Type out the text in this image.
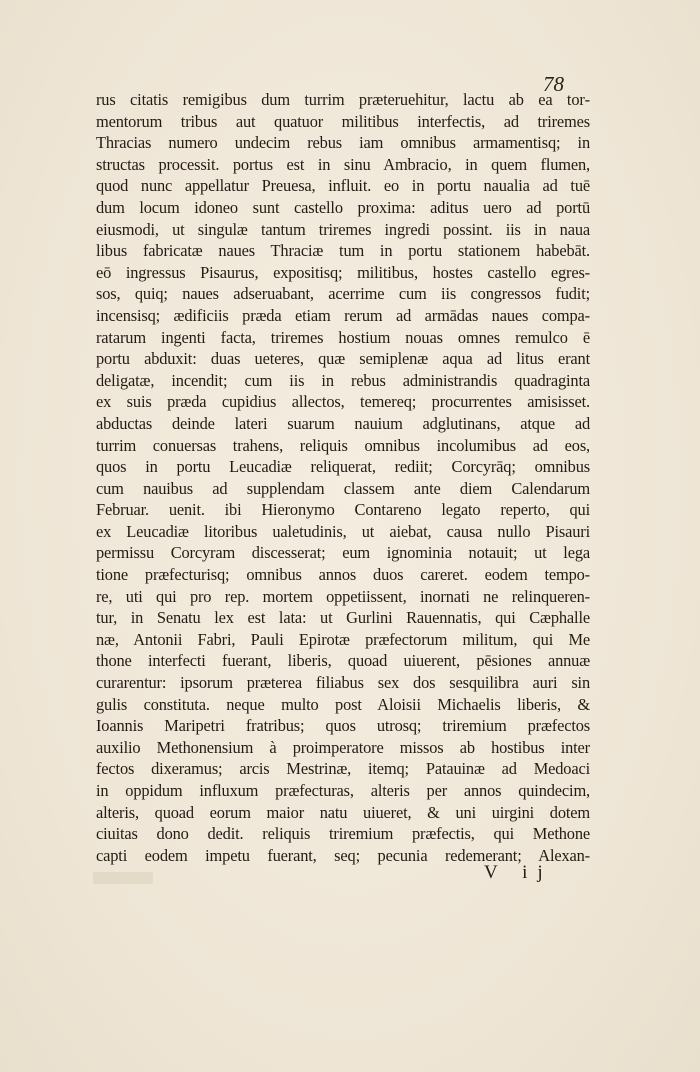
78
rus citatis remigibus dum turrim præteruehitur, lactu ab ea tor‐
mentorum tribus aut quatuor militibus interfectis, ad triremes
Thracias numero undecim rebus iam omnibus armamentisq; in
structas processit. portus est in sinu Ambracio, in quem flumen,
quod nunc appellatur Preuesa, influit. eo in portu naualia ad tuē
dum locum idoneo sunt castello proxima: aditus uero ad portū
eiusmodi, ut singulæ tantum triremes ingredi possint. iis in naua
libus fabricatæ naues Thraciæ tum in portu stationem habebāt.
eō ingressus Pisaurus, expositisq; militibus, hostes castello egres‐
sos, quiq; naues adseruabant, acerrime cum iis congressos fudit;
incensisq; ædificiis præda etiam rerum ad armādas naues compa‐
ratarum ingenti facta, triremes hostium nouas omnes remulco ē
portu abduxit: duas ueteres, quæ semiplenæ aqua ad litus erant
deligatæ, incendit; cum iis in rebus administrandis quadraginta
ex suis præda cupidius allectos, temereq; procurrentes amisisset.
abductas deinde lateri suarum nauium adglutinans, atque ad
turrim conuersas trahens, reliquis omnibus incolumibus ad eos,
quos in portu Leucadiæ reliquerat, rediit; Corcyrāq; omnibus
cum nauibus ad supplendam classem ante diem Calendarum
Februar. uenit. ibi Hieronymo Contareno legato reperto, qui
ex Leucadiæ litoribus ualetudinis, ut aiebat, causa nullo Pisauri
permissu Corcyram discesserat; eum ignominia notauit; ut lega
tione præfecturisq; omnibus annos duos careret. eodem tempo‐
re, uti qui pro rep. mortem oppetiissent, inornati ne relinqueren‐
tur, in Senatu lex est lata: ut Gurlini Rauennatis, qui Cæphalle
næ, Antonii Fabri, Pauli Epirotæ præfectorum militum, qui Me
thone interfecti fuerant, liberis, quoad uiuerent, pēsiones annuæ
curarentur: ipsorum præterea filiabus sex dos sesquilibra auri sin
gulis constituta. neque multo post Aloisii Michaelis liberis, &
Ioannis Maripetri fratribus; quos utrosq; triremium præfectos
auxilio Methonensium à proimperatore missos ab hostibus inter
fectos dixeramus; arcis Mestrinæ, itemq; Patauinæ ad Medoaci
in oppidum influxum præfecturas, alteris per annos quindecim,
alteris, quoad eorum maior natu uiueret, & uni uirgini dotem
ciuitas dono dedit. reliquis triremium præfectis, qui Methone
capti eodem impetu fuerant, seq; pecunia redemerant; Alexan‐
V ij
